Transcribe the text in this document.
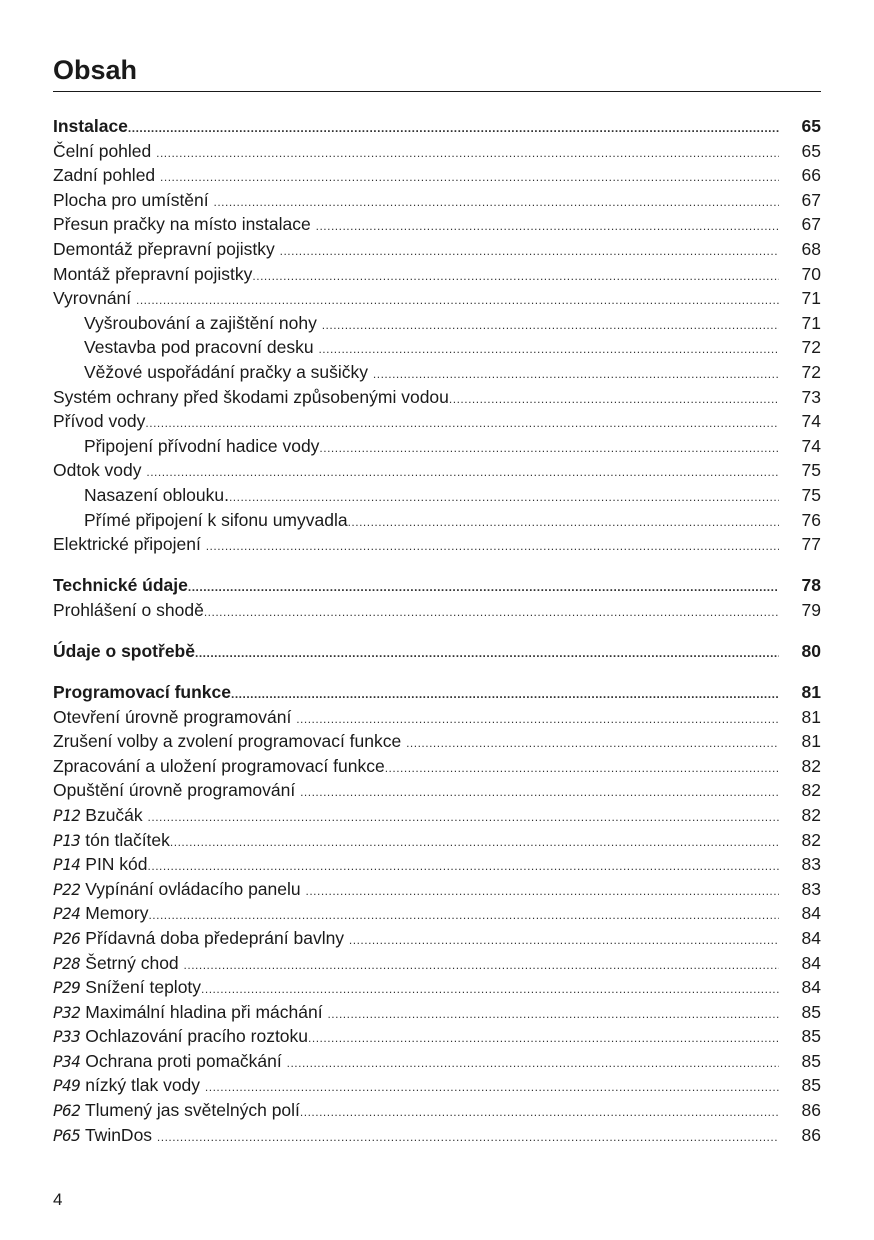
Obsah
Instalace .....	65
Čelní pohled .....	65
Zadní pohled .....	66
Plocha pro umístění .....	67
Přesun pračky na místo instalace .....	67
Demontáž přepravní pojistky .....	68
Montáž přepravní pojistky .....	70
Vyrovnání .....	71
Vyšroubování a zajištění nohy .....	71
Vestavba pod pracovní desku .....	72
Věžové uspořádání pračky a sušičky .....	72
Systém ochrany před škodami způsobenými vodou .....	73
Přívod vody .....	74
Připojení přívodní hadice vody .....	74
Odtok vody .....	75
Nasazení oblouku. .....	75
Přímé připojení k sifonu umyvadla .....	76
Elektrické připojení .....	77
Technické údaje .....	78
Prohlášení o shodě .....	79
Údaje o spotřebě .....	80
Programovací funkce .....	81
Otevření úrovně programování .....	81
Zrušení volby a zvolení programovací funkce .....	81
Zpracování a uložení programovací funkce .....	82
Opuštění úrovně programování .....	82
P12 Bzučák .....	82
P13 tón tlačítek .....	82
P14 PIN kód .....	83
P22 Vypínání ovládacího panelu .....	83
P24 Memory .....	84
P26 Přídavná doba předeprání bavlny .....	84
P28 Šetrný chod .....	84
P29 Snížení teploty .....	84
P32 Maximální hladina při máchání .....	85
P33 Ochlazování pracího roztoku .....	85
P34 Ochrana proti pomačkání .....	85
P49 nízký tlak vody .....	85
P62 Tlumený jas světelných polí .....	86
P65 TwinDos .....	86
4
